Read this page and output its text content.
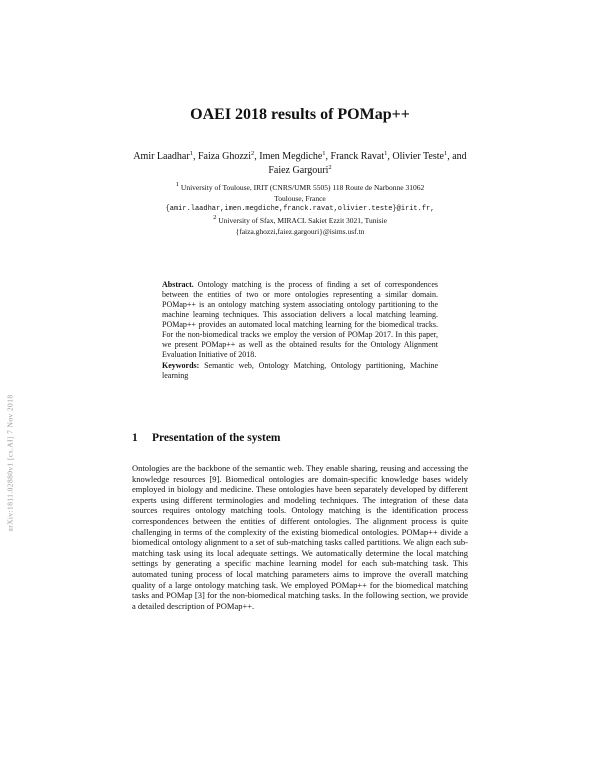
arXiv:1811.02880v1 [cs.AI] 7 Nov 2018
OAEI 2018 results of POMap++
Amir Laadhar$^1$, Faiza Ghozzi$^2$, Imen Megdiche$^1$, Franck Ravat$^1$, Olivier Teste$^1$, and Faiez Gargouri$^2$
$^1$ University of Toulouse, IRIT (CNRS/UMR 5505) 118 Route de Narbonne 31062
Toulouse, France
{amir.laadhar,imen.megdiche,franck.ravat,olivier.teste}@irit.fr,
$^2$ University of Sfax, MIRACL Sakiet Ezzit 3021, Tunisie
{faiza.ghozzi,faiez.gargouri}@isims.usf.tn
Abstract. Ontology matching is the process of finding a set of correspondences between the entities of two or more ontologies representing a similar domain. POMap++ is an ontology matching system associating ontology partitioning to the machine learning techniques. This association delivers a local matching learning. POMap++ provides an automated local matching learning for the biomedical tracks. For the non-biomedical tracks we employ the version of POMap 2017. In this paper, we present POMap++ as well as the obtained results for the Ontology Alignment Evaluation Initiative of 2018.
Keywords: Semantic web, Ontology Matching, Ontology partitioning, Machine learning
1 Presentation of the system
Ontologies are the backbone of the semantic web. They enable sharing, reusing and accessing the knowledge resources [9]. Biomedical ontologies are domain-specific knowledge bases widely employed in biology and medicine. These ontologies have been separately developed by different experts using different terminologies and modeling techniques. The integration of these data sources requires ontology matching tools. Ontology matching is the identification process correspondences between the entities of different ontologies. The alignment process is quite challenging in terms of the complexity of the existing biomedical ontologies. POMap++ divide a biomedical ontology alignment to a set of sub-matching tasks called partitions. We align each sub-matching task using its local adequate settings. We automatically determine the local matching settings by generating a specific machine learning model for each sub-matching task. This automated tuning process of local matching parameters aims to improve the overall matching quality of a large ontology matching task. We employed POMap++ for the biomedical matching tasks and POMap [3] for the non-biomedical matching tasks. In the following section, we provide a detailed description of POMap++.
